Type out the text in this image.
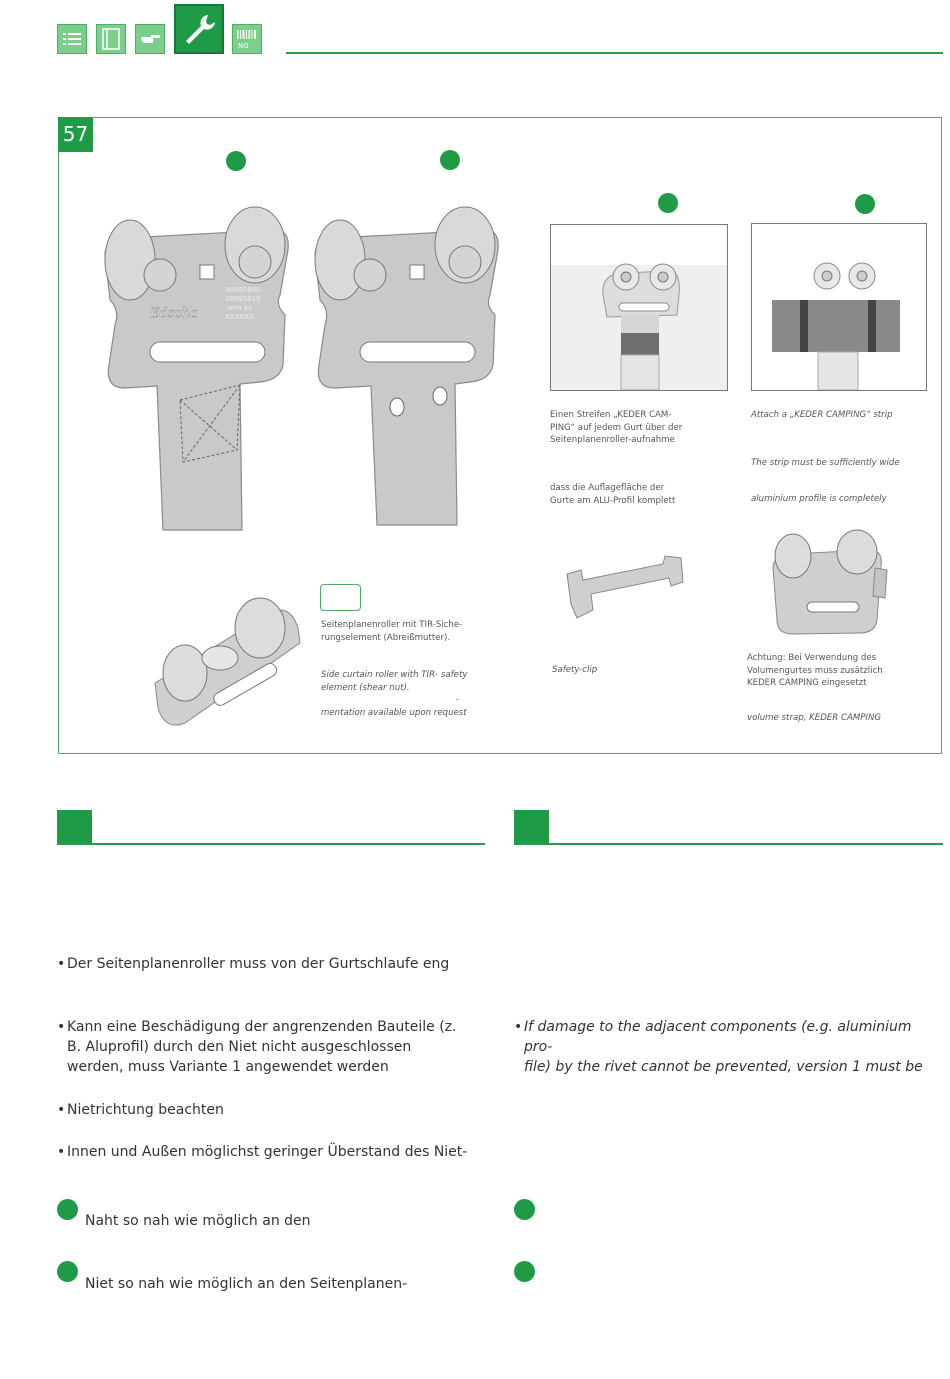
NG
57
Edscha
38095800
38095810
mm yy
XXXXXX
Seitenplanenroller mit TIR-Siche-
rungselement (Abreißmutter).
Side curtain roller with TIR- safety
element (shear nut).
-
mentation available upon request
Einen Streifen „KEDER CAM-
PING“ auf jedem Gurt über der
Seitenplanenroller-aufnahme
dass die Auflagefläche der
Gurte am ALU-Profil komplett
Attach a „KEDER CAMPING“ strip
The strip must be sufficiently wide
aluminium profile is completely
Safety-clip
Achtung: Bei Verwendung des
Volumengurtes muss zusätzlich
KEDER CAMPING eingesetzt
volume strap, KEDER CAMPING
• Der Seitenplanenroller muss von der Gurtschlaufe eng
• Kann eine Beschädigung der angrenzenden Bauteile (z. B. Aluprofil) durch den Niet nicht ausgeschlossen werden, muss Variante 1 angewendet werden
• Nietrichtung beachten
• Innen und Außen möglichst geringer Überstand des Niet-
Naht so nah wie möglich an den
Niet so nah wie möglich an den Seitenplanen-
• If damage to the adjacent components (e.g. aluminium pro-
file) by the rivet cannot be prevented, version 1 must be
